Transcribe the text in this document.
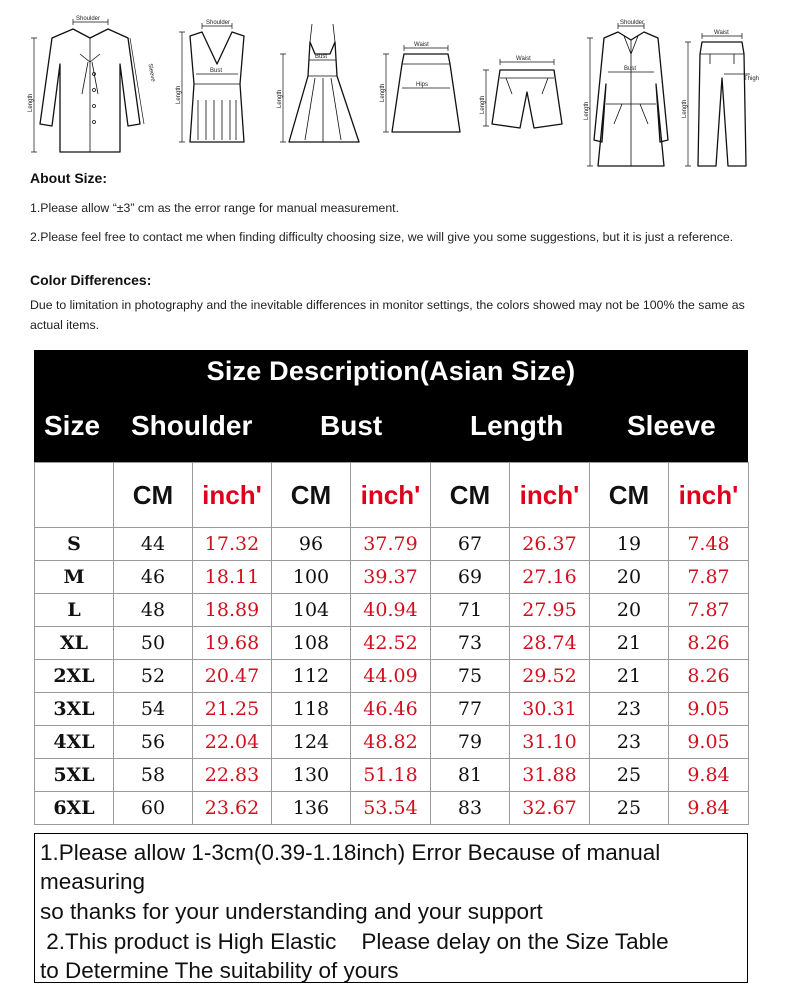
Shoulder
Length
Sleeve
Shoulder
Bust
Length
Bust
Length
Waist
Hips
Length
Waist
Length
Shoulder
Bust
Length
Waist
Thigh
Length

About Size:

1.Please allow “±3” cm as the error range for manual measurement.

2.Please feel free to contact me when finding difficulty choosing size, we will give you some suggestions, but it is just a reference.

Color Differences:

Due to limitation in photography and the inevitable differences in monitor settings, the colors showed may not be 100% the same as actual items.

Size Description(Asian Size)
Size Shoulder Bust	Length Sleeve
	CM	inch'	CM	inch'	CM	inch'	CM	inch'
S	44	17.32	96	37.79	67	26.37	19	7.48
M	46	18.11	100	39.37	69	27.16	20	7.87
L	48	18.89	104	40.94	71	27.95	20	7.87
XL	50	19.68	108	42.52	73	28.74	21	8.26
2XL	52	20.47	112	44.09	75	29.52	21	8.26
3XL	54	21.25	118	46.46	77	30.31	23	9.05
4XL	56	22.04	124	48.82	79	31.10	23	9.05
5XL	58	22.83	130	51.18	81	31.88	25	9.84
6XL	60	23.62	136	53.54	83	32.67	25	9.84
1.Please allow 1-3cm(0.39-1.18inch) Error Because of manual
measuring
so thanks for your understanding and your support
2.This product is High Elastic    Please delay on the Size Table
to Determine The suitability of yours
